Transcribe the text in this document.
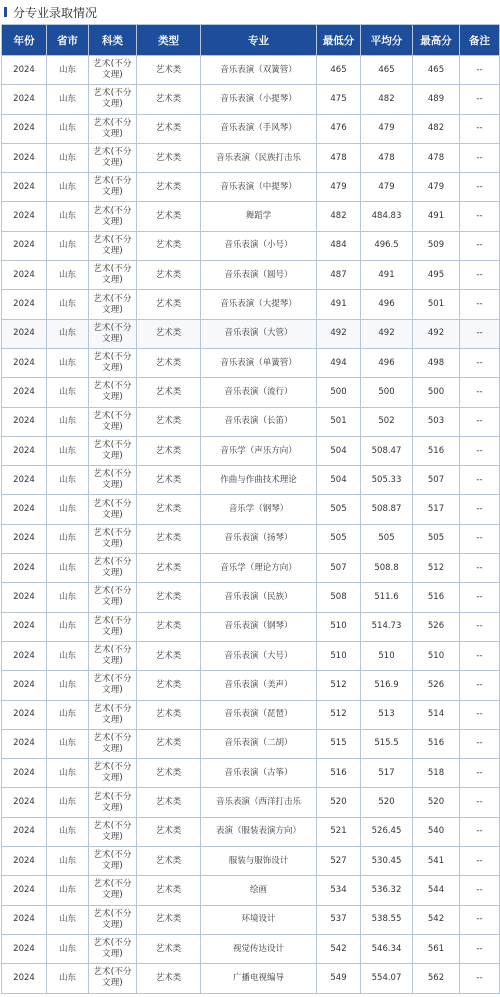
分专业录取情况
年份	省市	科类	类型	专业	最低分	平均分	最高分	备注
2024	山东	艺术(不分文理)	艺术类	音乐表演（双簧管）	465	465	465	--
2024	山东	艺术(不分文理)	艺术类	音乐表演（小提琴）	475	482	489	--
2024	山东	艺术(不分文理)	艺术类	音乐表演（手风琴）	476	479	482	--
2024	山东	艺术(不分文理)	艺术类	音乐表演（民族打击乐	478	478	478	--
2024	山东	艺术(不分文理)	艺术类	音乐表演（中提琴）	479	479	479	--
2024	山东	艺术(不分文理)	艺术类	舞蹈学	482	484.83	491	--
2024	山东	艺术(不分文理)	艺术类	音乐表演（小号）	484	496.5	509	--
2024	山东	艺术(不分文理)	艺术类	音乐表演（圆号）	487	491	495	--
2024	山东	艺术(不分文理)	艺术类	音乐表演（大提琴）	491	496	501	--
2024	山东	艺术(不分文理)	艺术类	音乐表演（大管）	492	492	492	--
2024	山东	艺术(不分文理)	艺术类	音乐表演（单簧管）	494	496	498	--
2024	山东	艺术(不分文理)	艺术类	音乐表演（流行）	500	500	500	--
2024	山东	艺术(不分文理)	艺术类	音乐表演（长笛）	501	502	503	--
2024	山东	艺术(不分文理)	艺术类	音乐学（声乐方向）	504	508.47	516	--
2024	山东	艺术(不分文理)	艺术类	作曲与作曲技术理论	504	505.33	507	--
2024	山东	艺术(不分文理)	艺术类	音乐学（钢琴）	505	508.87	517	--
2024	山东	艺术(不分文理)	艺术类	音乐表演（扬琴）	505	505	505	--
2024	山东	艺术(不分文理)	艺术类	音乐学（理论方向）	507	508.8	512	--
2024	山东	艺术(不分文理)	艺术类	音乐表演（民族）	508	511.6	516	--
2024	山东	艺术(不分文理)	艺术类	音乐表演（钢琴）	510	514.73	526	--
2024	山东	艺术(不分文理)	艺术类	音乐表演（大号）	510	510	510	--
2024	山东	艺术(不分文理)	艺术类	音乐表演（美声）	512	516.9	526	--
2024	山东	艺术(不分文理)	艺术类	音乐表演（琵琶）	512	513	514	--
2024	山东	艺术(不分文理)	艺术类	音乐表演（二胡）	515	515.5	516	--
2024	山东	艺术(不分文理)	艺术类	音乐表演（古筝）	516	517	518	--
2024	山东	艺术(不分文理)	艺术类	音乐表演（西洋打击乐	520	520	520	--
2024	山东	艺术(不分文理)	艺术类	表演（服装表演方向）	521	526.45	540	--
2024	山东	艺术(不分文理)	艺术类	服装与服饰设计	527	530.45	541	--
2024	山东	艺术(不分文理)	艺术类	绘画	534	536.32	544	--
2024	山东	艺术(不分文理)	艺术类	环境设计	537	538.55	542	--
2024	山东	艺术(不分文理)	艺术类	视觉传达设计	542	546.34	561	--
2024	山东	艺术(不分文理)	艺术类	广播电视编导	549	554.07	562	--
